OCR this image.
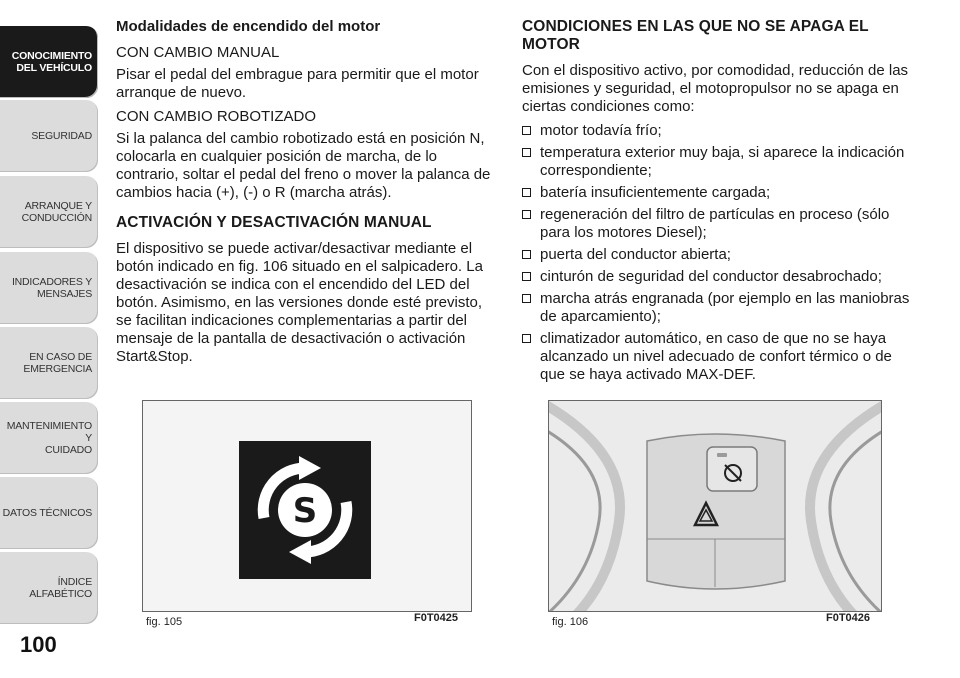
CONOCIMIENTO
DEL VEHÍCULO
SEGURIDAD
ARRANQUE Y
CONDUCCIÓN
INDICADORES Y
MENSAJES
EN CASO DE
EMERGENCIA
MANTENIMIENTO Y
CUIDADO
DATOS TÉCNICOS
ÍNDICE ALFABÉTICO
100

Modalidades de encendido del motor

CON CAMBIO MANUAL

Pisar el pedal del embrague para permitir que el motor arranque de nuevo.

CON CAMBIO ROBOTIZADO

Si la palanca del cambio robotizado está en posición N, colocarla en cualquier posición de marcha, de lo contrario, soltar el pedal del freno o mover la palanca de cambios hacia (+), (-) o R (marcha atrás).

ACTIVACIÓN Y DESACTIVACIÓN MANUAL

El dispositivo se puede activar/desactivar mediante el botón indicado en fig. 106 situado en el salpicadero. La desactivación se indica con el encendido del LED del botón. Asimismo, en las versiones donde esté previsto, se facilitan indicaciones complementarias a partir del mensaje de la pantalla de desactivación o activación Start&Stop.

CONDICIONES EN LAS QUE NO SE APAGA EL MOTOR

Con el dispositivo activo, por comodidad, reducción de las emisiones y seguridad, el motopropulsor no se apaga en ciertas condiciones como:

motor todavía frío;
temperatura exterior muy baja, si aparece la indicación correspondiente;
batería insuficientemente cargada;
regeneración del filtro de partículas en proceso (sólo para los motores Diesel);
puerta del conductor abierta;
cinturón de seguridad del conductor desabrochado;
marcha atrás engranada (por ejemplo en las maniobras de aparcamiento);
climatizador automático, en caso de que no se haya alcanzado un nivel adecuado de confort térmico o de que se haya activado MAX-DEF.
S
fig. 105	F0T0425	fig. 106	F0T0426
